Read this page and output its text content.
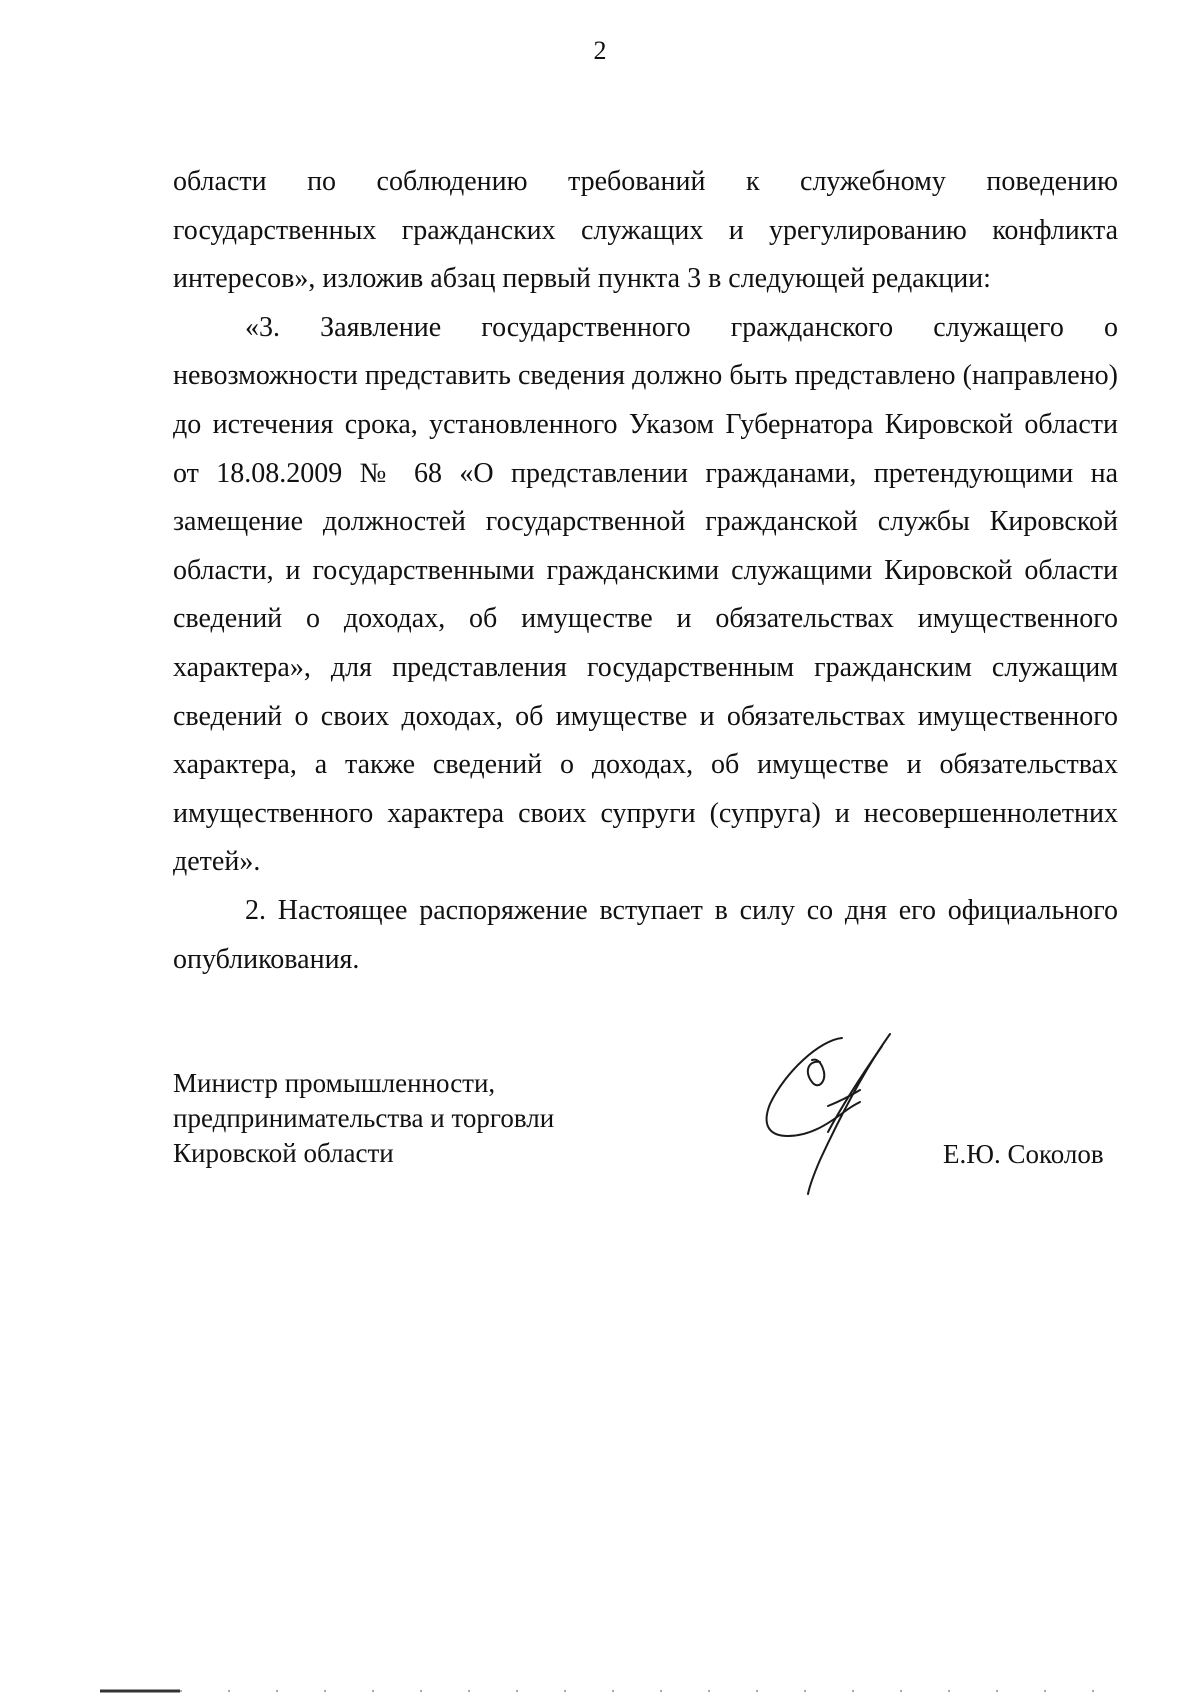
2

области по соблюдению требований к служебному поведению государственных гражданских служащих и урегулированию конфликта интересов», изложив абзац первый пункта 3 в следующей редакции:

«3. Заявление государственного гражданского служащего о невозможности представить сведения должно быть представлено (направлено) до истечения срока, установленного Указом Губернатора Кировской области от 18.08.2009 № 68 «О представлении гражданами, претендующими на замещение должностей государственной гражданской службы Кировской области, и государственными гражданскими служащими Кировской области сведений о доходах, об имуществе и обязательствах имущественного характера», для представления государственным гражданским служащим сведений о своих доходах, об имуществе и обязательствах имущественного характера, а также сведений о доходах, об имуществе и обязательствах имущественного характера своих супруги (супруга) и несовершеннолетних детей».

2. Настоящее распоряжение вступает в силу со дня его официального опубликования.

Министр промышленности,
предпринимательства и торговли
Кировской области	Е.Ю. Соколов
